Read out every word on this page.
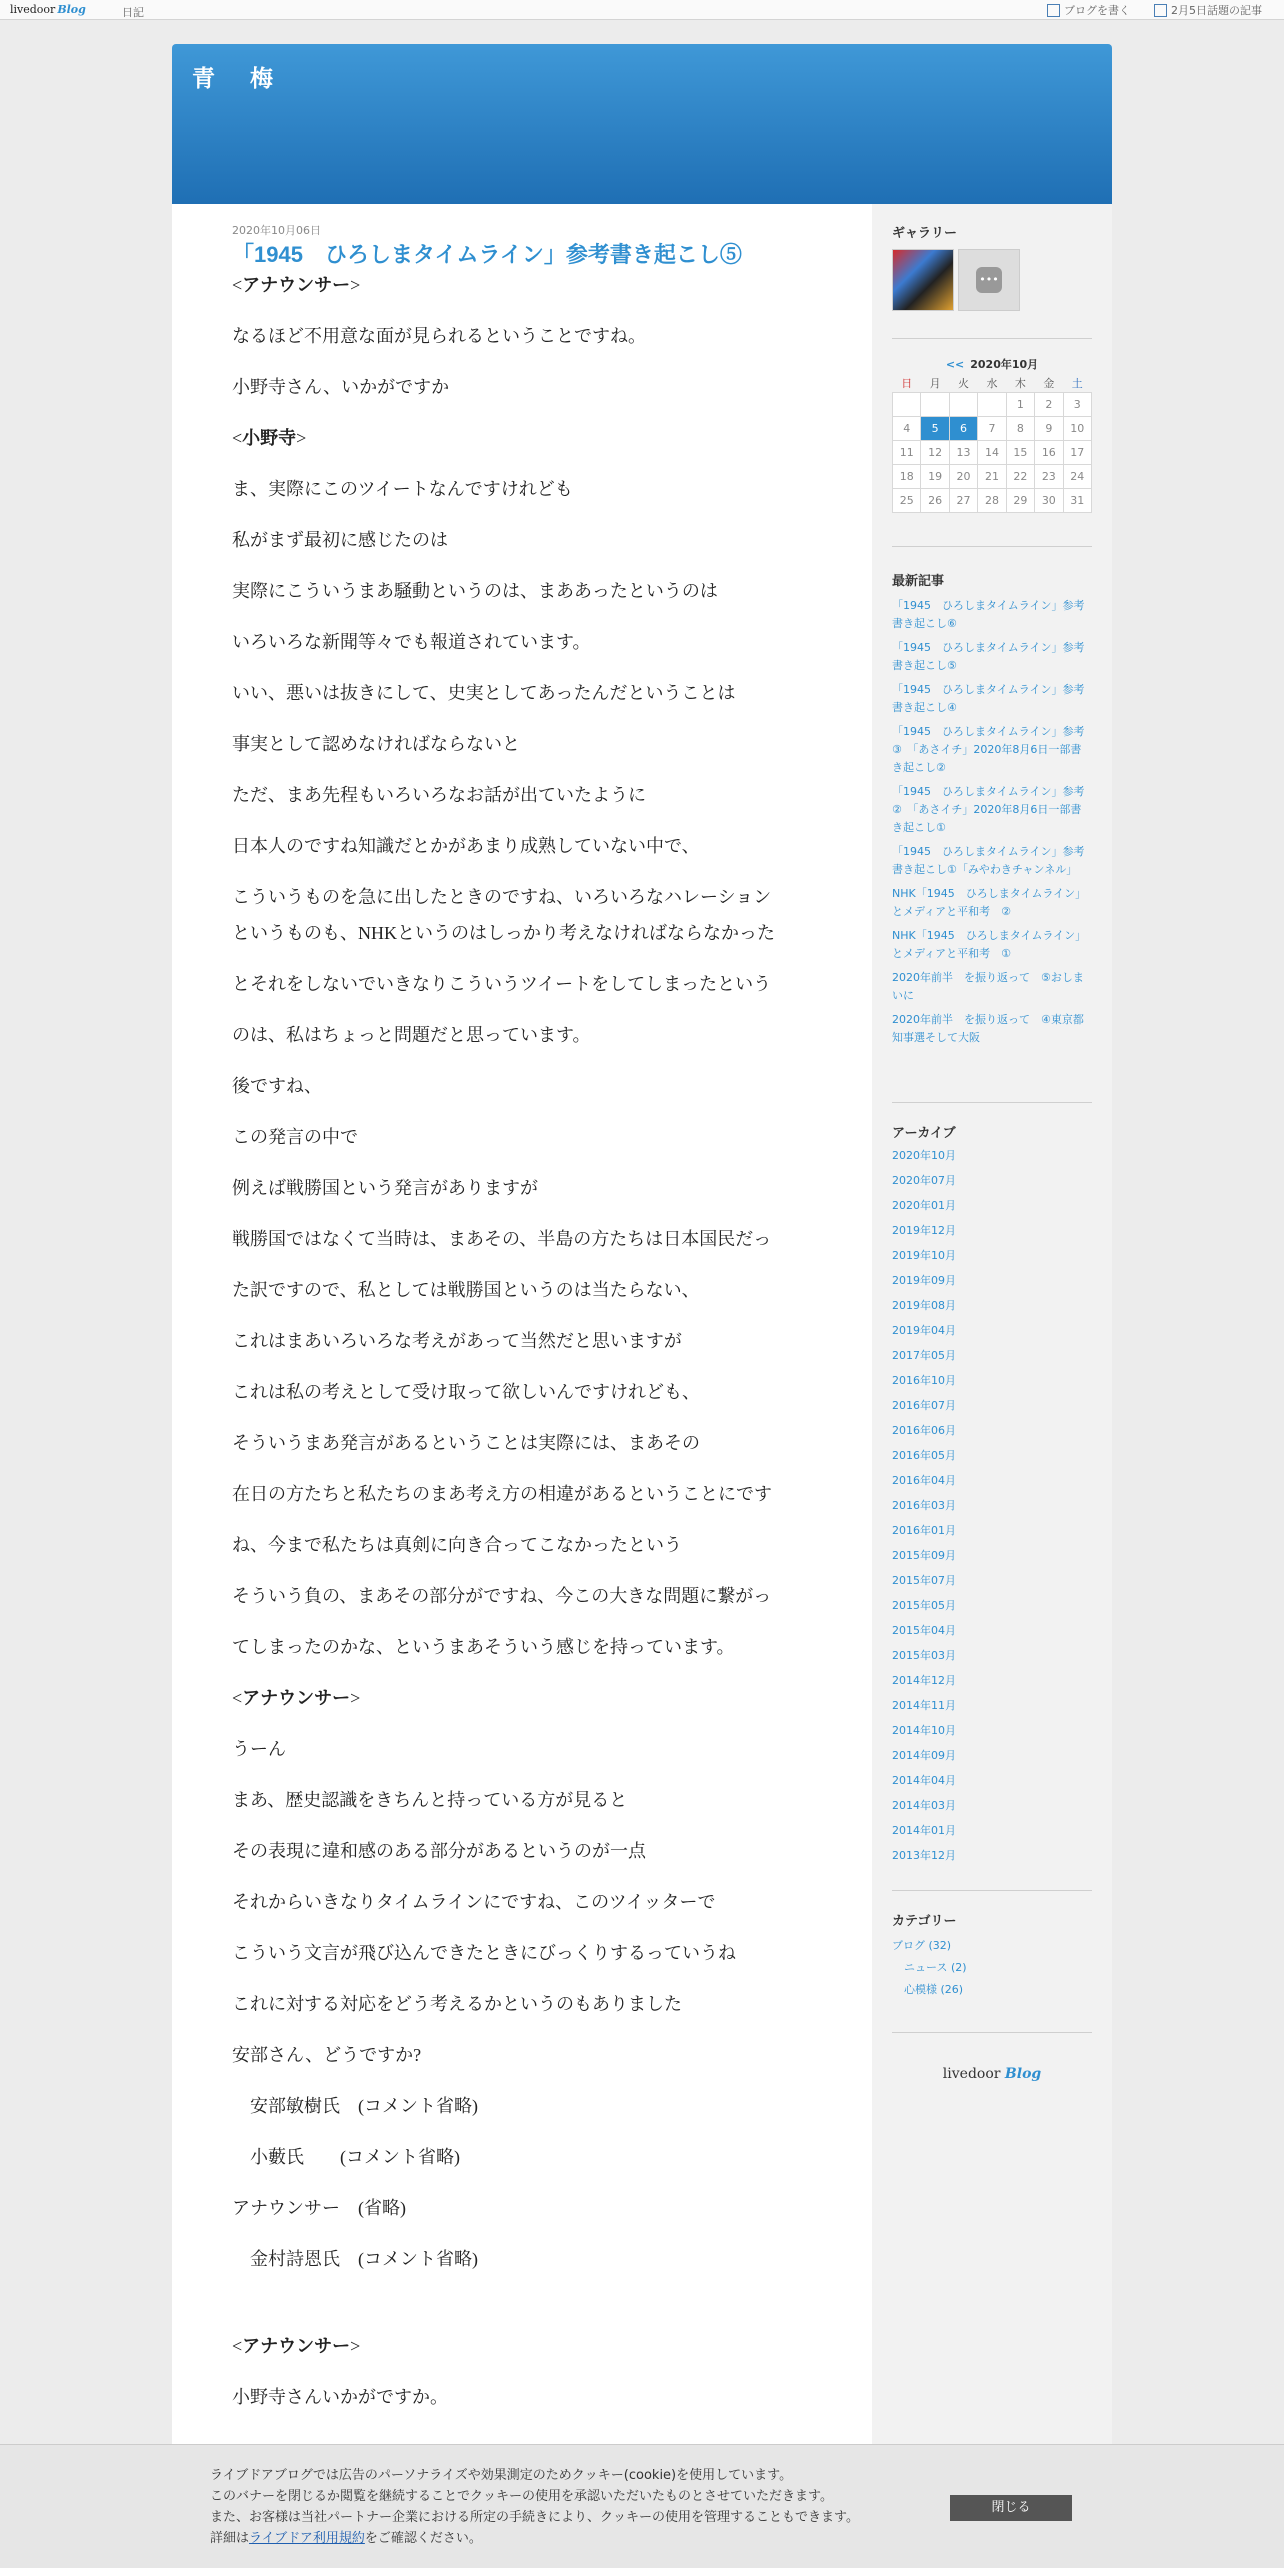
livedoor Blog	日記	ブログを書く	2月5日話題の記事
青　梅
2020年10月06日
「1945　ひろしまタイムライン」参考書き起こし⑤
<アナウンサー>
なるほど不用意な面が見られるということですね。
小野寺さん、いかがですか
<小野寺>
ま、実際にこのツイートなんですけれども
私がまず最初に感じたのは
実際にこういうまあ騒動というのは、まああったというのは
いろいろな新聞等々でも報道されています。
いい、悪いは抜きにして、史実としてあったんだということは
事実として認めなければならないと
ただ、まあ先程もいろいろなお話が出ていたように
日本人のですね知識だとかがあまり成熟していない中で、
こういうものを急に出したときのですね、いろいろなハレーション
というものも、NHKというのはしっかり考えなければならなかった
とそれをしないでいきなりこういうツイートをしてしまったという
のは、私はちょっと問題だと思っています。
後ですね、
この発言の中で
例えば戦勝国という発言がありますが
戦勝国ではなくて当時は、まあその、半島の方たちは日本国民だっ
た訳ですので、私としては戦勝国というのは当たらない、
これはまあいろいろな考えがあって当然だと思いますが
これは私の考えとして受け取って欲しいんですけれども、
そういうまあ発言があるということは実際には、まあその
在日の方たちと私たちのまあ考え方の相違があるということにです
ね、今まで私たちは真剣に向き合ってこなかったという
そういう負の、まあその部分がですね、今この大きな問題に繋がっ
てしまったのかな、というまあそういう感じを持っています。
<アナウンサー>
うーん
まあ、歴史認識をきちんと持っている方が見ると
その表現に違和感のある部分があるというのが一点
それからいきなりタイムラインにですね、このツイッターで
こういう文言が飛び込んできたときにびっくりするっていうね
これに対する対応をどう考えるかというのもありました
安部さん、どうですか?
　安部敏樹氏　(コメント省略)
　小藪氏　　(コメント省略)
アナウンサー　(省略)
　金村詩恩氏　(コメント省略)
<アナウンサー>
小野寺さんいかがですか。
ギャラリー
•••
<< 2020年10月
日	月	火	水	木	金	土
				1	2	3
4	5	6	7	8	9	10
11	12	13	14	15	16	17
18	19	20	21	22	23	24
25	26	27	28	29	30	31
最新記事
「1945　ひろしまタイムライン」参考書き起こし⑥
「1945　ひろしまタイムライン」参考書き起こし⑤
「1945　ひろしまタイムライン」参考書き起こし④
「1945　ひろしまタイムライン」参考③　「あさイチ」2020年8月6日一部書き起こし②
「1945　ひろしまタイムライン」参考②　「あさイチ」2020年8月6日一部書き起こし①
「1945　ひろしまタイムライン」参考書き起こし①「みやわきチャンネル」
NHK「1945　ひろしまタイムライン」とメディアと平和考　②
NHK「1945　ひろしまタイムライン」とメディアと平和考　①
2020年前半　を振り返って　⑤おしまいに
2020年前半　を振り返って　④東京都知事選そして大阪
アーカイブ
2020年10月
2020年07月
2020年01月
2019年12月
2019年10月
2019年09月
2019年08月
2019年04月
2017年05月
2016年10月
2016年07月
2016年06月
2016年05月
2016年04月
2016年03月
2016年01月
2015年09月
2015年07月
2015年05月
2015年04月
2015年03月
2014年12月
2014年11月
2014年10月
2014年09月
2014年04月
2014年03月
2014年01月
2013年12月
カテゴリー
ブログ (32)
ニュース (2)
心模様 (26)
livedoor Blog
ライブドアブログでは広告のパーソナライズや効果測定のためクッキー(cookie)を使用しています。
このバナーを閉じるか閲覧を継続することでクッキーの使用を承認いただいたものとさせていただきます。
また、お客様は当社パートナー企業における所定の手続きにより、クッキーの使用を管理することもできます。
詳細はライブドア利用規約をご確認ください。
閉じる
